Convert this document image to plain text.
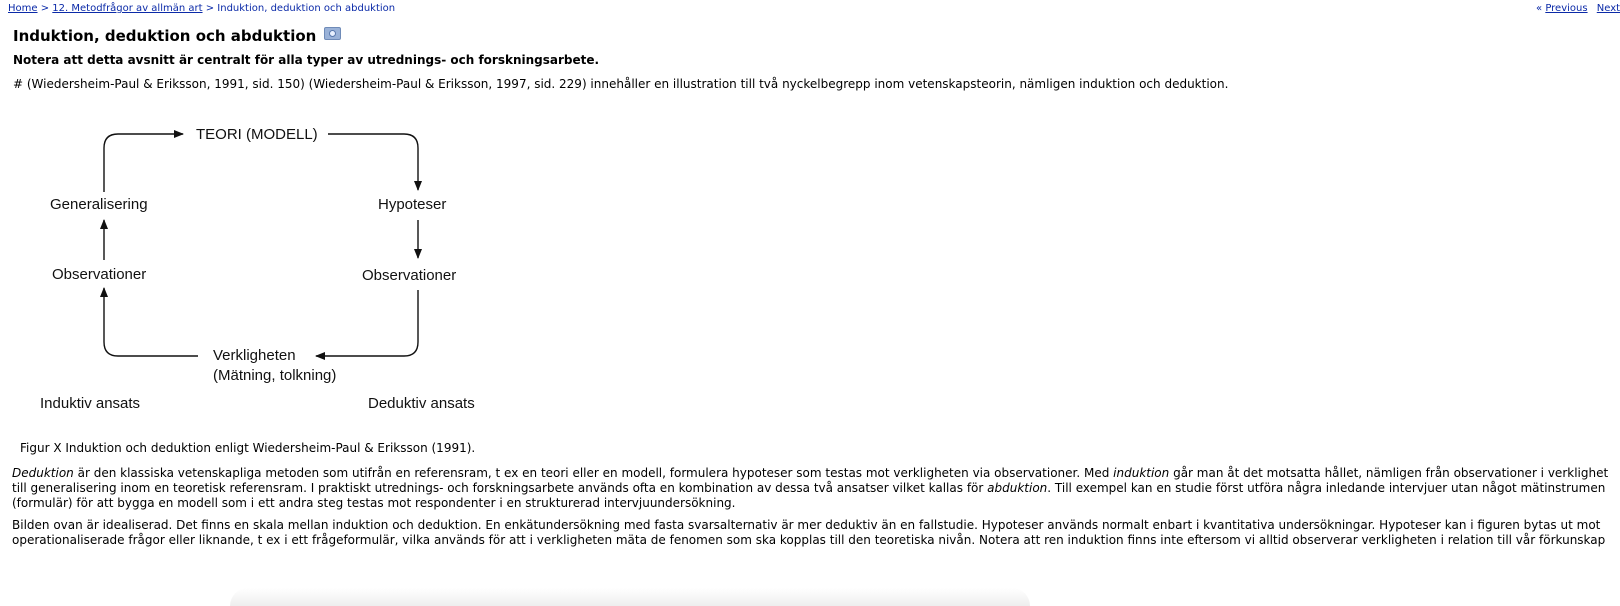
Home > 12. Metodfrågor av allmän art > Induktion, deduktion och abduktion	« Previous Next
Induktion, deduktion och abduktion

Notera att detta avsnitt är centralt för alla typer av utrednings- och forskningsarbete.

# (Wiedersheim-Paul & Eriksson, 1991, sid. 150) (Wiedersheim-Paul & Eriksson, 1997, sid. 229) innehåller en illustration till två nyckelbegrepp inom vetenskapsteorin, nämligen induktion och deduktion.

TEORI (MODELL)
Generalisering	Hypoteser
Observationer	Observationer
Verkligheten
(Mätning, tolkning)
Induktiv ansats	Deduktiv ansats

Figur X Induktion och deduktion enligt Wiedersheim-Paul & Eriksson (1991).

Deduktion är den klassiska vetenskapliga metoden som utifrån en referensram, t ex en teori eller en modell, formulera hypoteser som testas mot verkligheten via observationer. Med induktion går man åt det motsatta hållet, nämligen från observationer i verklighet
till generalisering inom en teoretisk referensram. I praktiskt utrednings- och forskningsarbete används ofta en kombination av dessa två ansatser vilket kallas för abduktion. Till exempel kan en studie först utföra några inledande intervjuer utan något mätinstrumen
(formulär) för att bygga en modell som i ett andra steg testas mot respondenter i en strukturerad intervjuundersökning.
Bilden ovan är idealiserad. Det finns en skala mellan induktion och deduktion. En enkätundersökning med fasta svarsalternativ är mer deduktiv än en fallstudie. Hypoteser används normalt enbart i kvantitativa undersökningar. Hypoteser kan i figuren bytas ut mot
operationaliserade frågor eller liknande, t ex i ett frågeformulär, vilka används för att i verkligheten mäta de fenomen som ska kopplas till den teoretiska nivån. Notera att ren induktion finns inte eftersom vi alltid observerar verkligheten i relation till vår förkunskap
